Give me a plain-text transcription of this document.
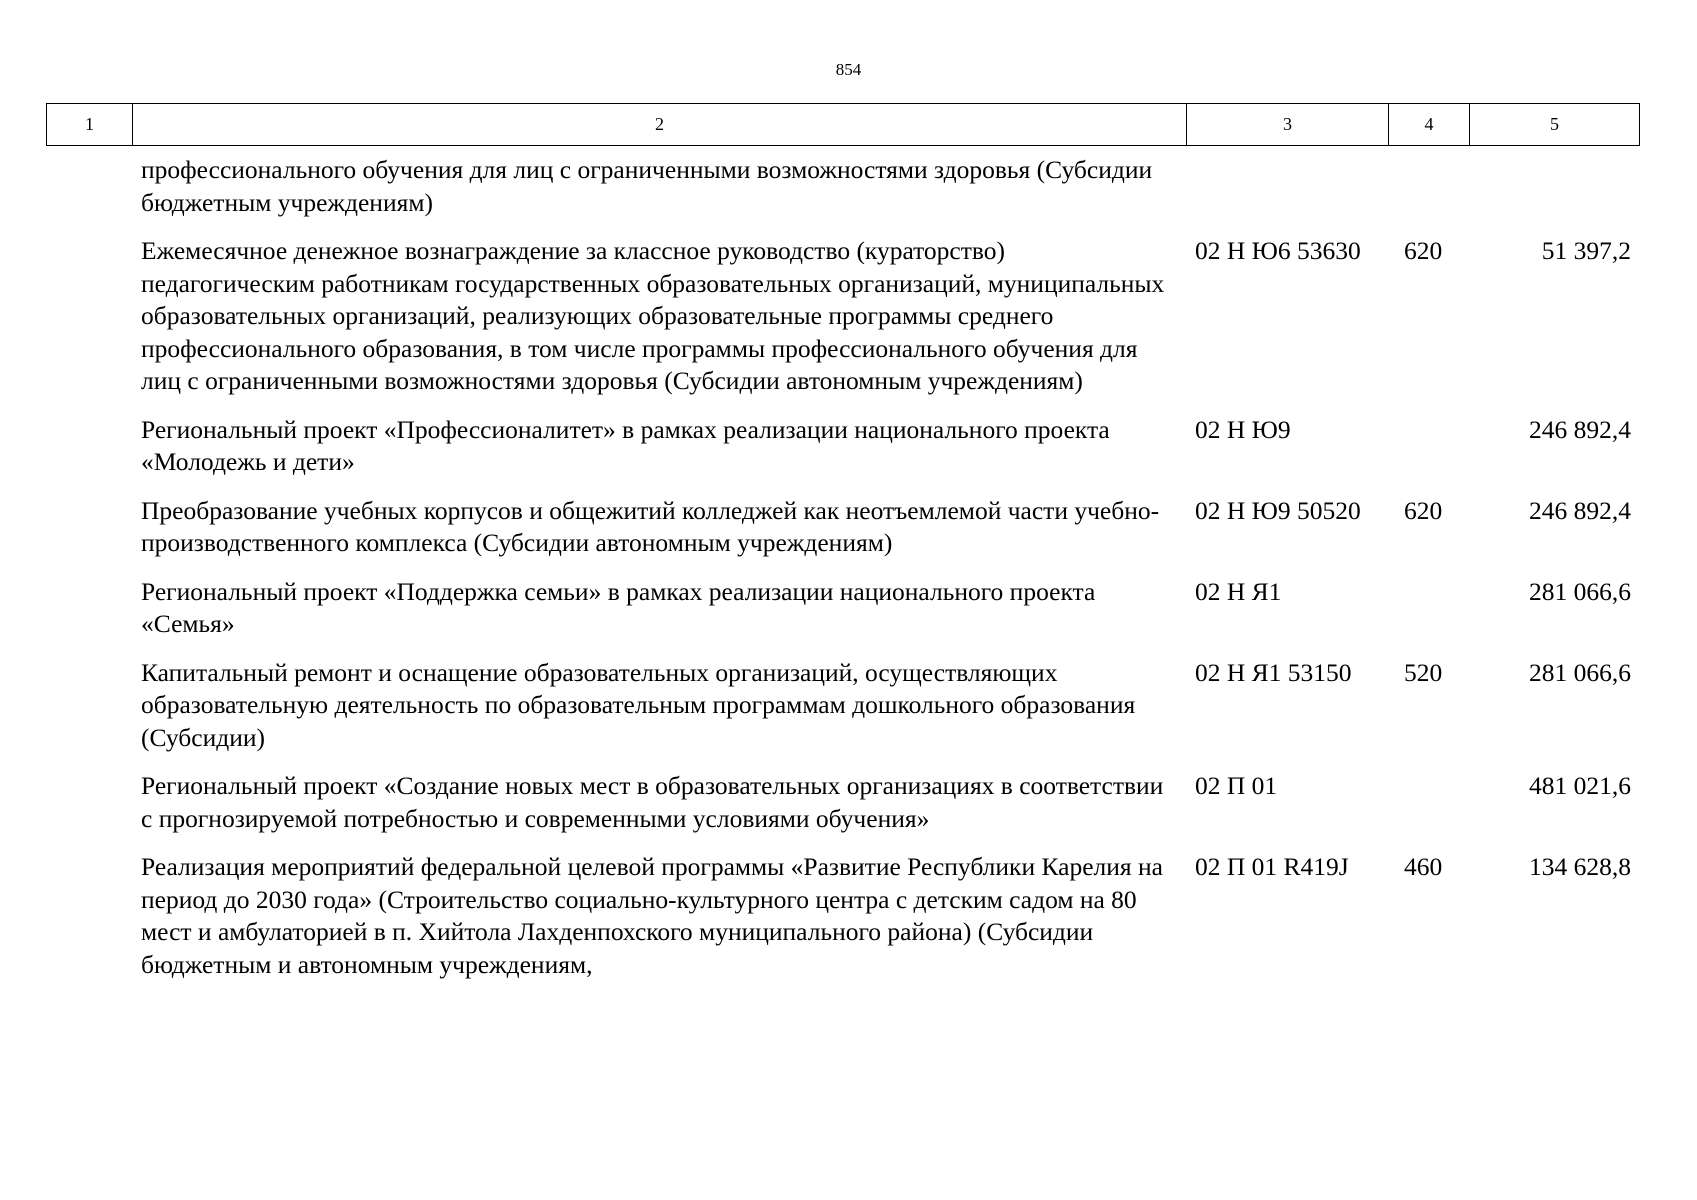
854
1	2	3	4	5
профессионального обучения для лиц с ограниченными возможностями здоровья (Субсидии бюджетным учреждениям)			
Ежемесячное денежное вознаграждение за классное руководство (кураторство) педагогическим работникам государственных образовательных организаций, муниципальных образовательных организаций, реализующих образовательные программы среднего профессионального образования, в том числе программы профессионального обучения для лиц с ограниченными возможностями здоровья (Субсидии автономным учреждениям)	02 Н Ю6 53630	620	51 397,2
Региональный проект «Профессионалитет» в рамках реализации национального проекта «Молодежь и дети»	02 Н Ю9		246 892,4
Преобразование учебных корпусов и общежитий колледжей как неотъемлемой части учебно-производственного комплекса (Субсидии автономным учреждениям)	02 Н Ю9 50520	620	246 892,4
Региональный проект «Поддержка семьи» в рамках реализации национального проекта «Семья»	02 Н Я1		281 066,6
Капитальный ремонт и оснащение образовательных организаций, осуществляющих образовательную деятельность по образовательным программам дошкольного образования (Субсидии)	02 Н Я1 53150	520	281 066,6
Региональный проект «Создание новых мест в образовательных организациях в соответствии с прогнозируемой потребностью и современными условиями обучения»	02 П 01		481 021,6
Реализация мероприятий федеральной целевой программы «Развитие Республики Карелия на период до 2030 года» (Строительство социально-культурного центра с детским садом на 80 мест и амбулаторией в п. Хийтола Лахденпохского муниципального района) (Субсидии бюджетным и автономным учреждениям,	02 П 01 R419J	460	134 628,8
